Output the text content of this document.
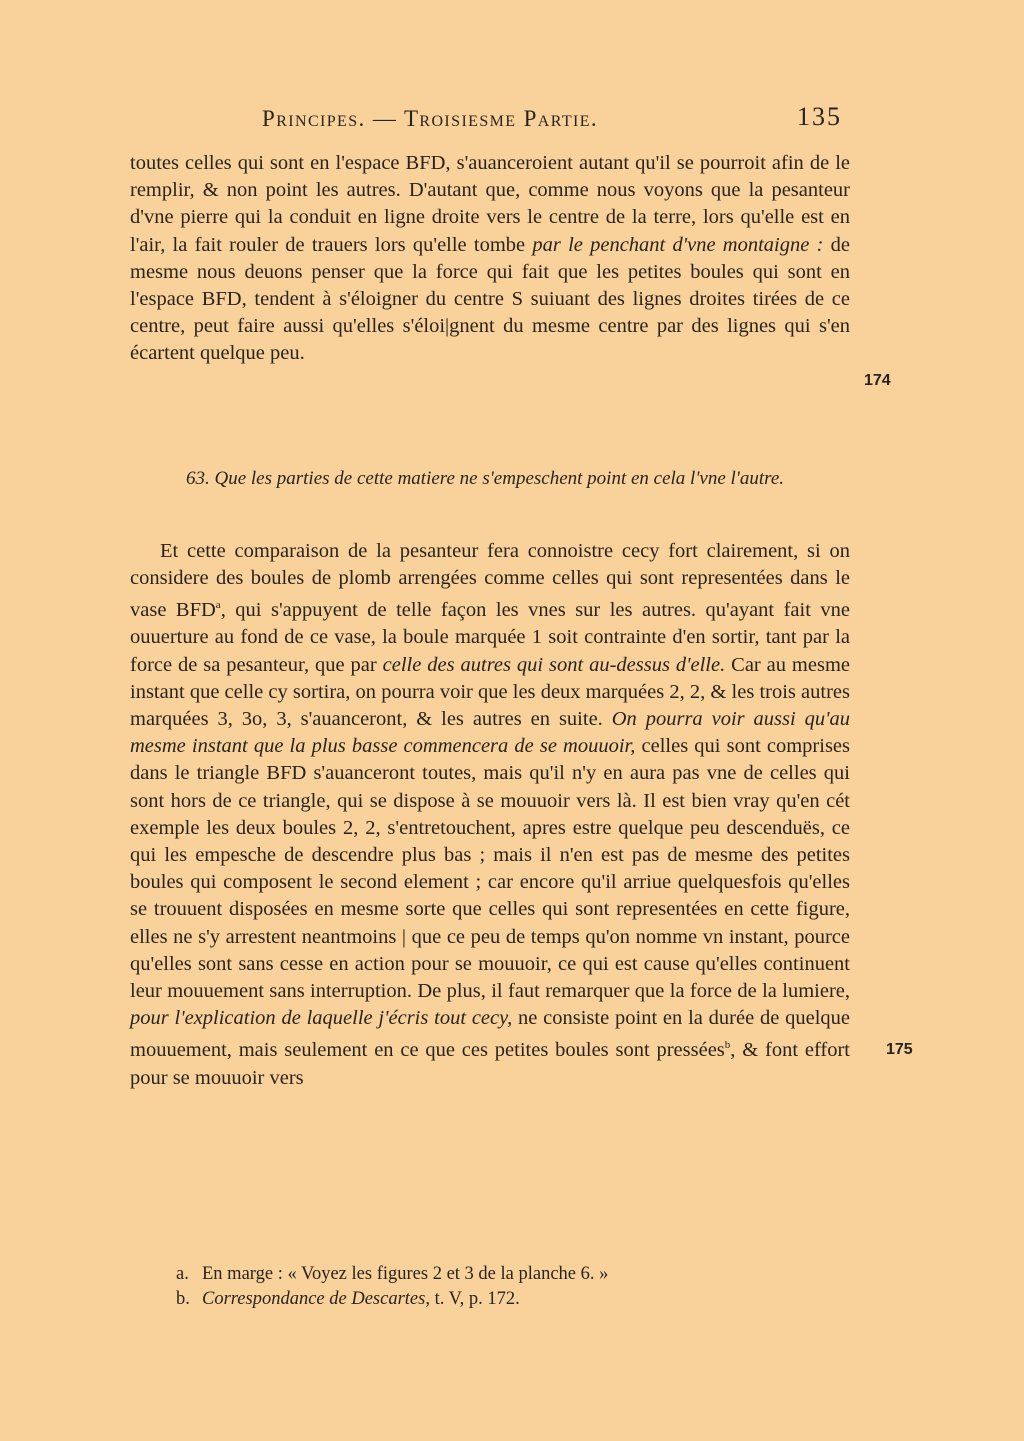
Principes. — Troisiesme Partie.	135

toutes celles qui sont en l'espace BFD, s'auanceroient autant qu'il se pourroit afin de le remplir, & non point les autres. D'autant que, comme nous voyons que la pesanteur d'vne pierre qui la conduit en ligne droite vers le centre de la terre, lors qu'elle est en l'air, la fait rouler de trauers lors qu'elle tombe par le penchant d'vne montaigne : de mesme nous deuons penser que la force qui fait que les petites boules qui sont en l'espace BFD, tendent à s'éloigner du centre S suiuant des lignes droites tirées de ce centre, peut faire aussi qu'elles s'éloi|gnent du mesme centre par des lignes qui s'en écartent quelque peu.

174
63. Que les parties de cette matiere ne s'empeschent point en cela l'vne l'autre.

Et cette comparaison de la pesanteur fera connoistre cecy fort clairement, si on considere des boules de plomb arrengées comme celles qui sont representées dans le vase BFD$^a$, qui s'appuyent de telle façon les vnes sur les autres. qu'ayant fait vne ouuerture au fond de ce vase, la boule marquée 1 soit contrainte d'en sortir, tant par la force de sa pesanteur, que par celle des autres qui sont au-dessus d'elle. Car au mesme instant que celle cy sortira, on pourra voir que les deux marquées 2, 2, & les trois autres marquées 3, 3o, 3, s'auanceront, & les autres en suite. On pourra voir aussi qu'au mesme instant que la plus basse commencera de se mouuoir, celles qui sont comprises dans le triangle BFD s'auanceront toutes, mais qu'il n'y en aura pas vne de celles qui sont hors de ce triangle, qui se dispose à se mouuoir vers là. Il est bien vray qu'en cét exemple les deux boules 2, 2, s'entretouchent, apres estre quelque peu descenduës, ce qui les empesche de descendre plus bas ; mais il n'en est pas de mesme des petites boules qui composent le second element ; car encore qu'il arriue quelquesfois qu'elles se trouuent disposées en mesme sorte que celles qui sont representées en cette figure, elles ne s'y arrestent neantmoins | que ce peu de temps qu'on nomme vn instant, pource qu'elles sont sans cesse en action pour se mouuoir, ce qui est cause qu'elles continuent leur mouuement sans interruption. De plus, il faut remarquer que la force de la lumiere, pour l'explication de laquelle j'écris tout cecy, ne consiste point en la durée de quelque mouuement, mais seulement en ce que ces petites boules sont pressées$^b$, & font effort pour se mouuoir vers

175

a. En marge : « Voyez les figures 2 et 3 de la planche 6. »

b. Correspondance de Descartes, t. V, p. 172.
